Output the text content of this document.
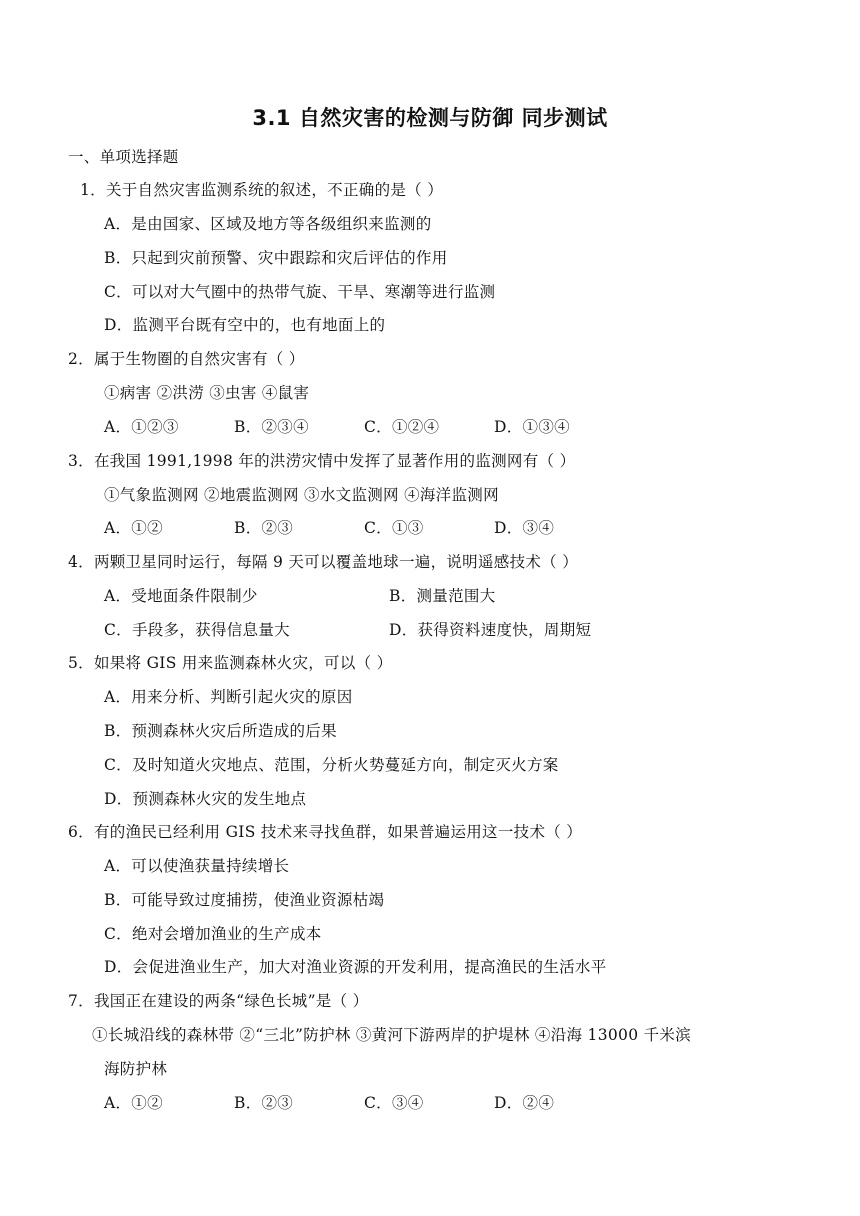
3.1 自然灾害的检测与防御 同步测试
一、单项选择题
1．关于自然灾害监测系统的叙述，不正确的是（ ）
A．是由国家、区域及地方等各级组织来监测的
B．只起到灾前预警、灾中跟踪和灾后评估的作用
C．可以对大气圈中的热带气旋、干旱、寒潮等进行监测
D．监测平台既有空中的，也有地面上的
2．属于生物圈的自然灾害有（ ）
①病害 ②洪涝 ③虫害 ④鼠害
A．①②③	B．②③④	C．①②④	D．①③④
3．在我国 1991,1998 年的洪涝灾情中发挥了显著作用的监测网有（ ）
①气象监测网 ②地震监测网 ③水文监测网 ④海洋监测网
A．①②	B．②③	C．①③	D．③④
4．两颗卫星同时运行，每隔 9 天可以覆盖地球一遍，说明遥感技术（ ）
A．受地面条件限制少	B．测量范围大
C．手段多，获得信息量大	D．获得资料速度快，周期短
5．如果将 GIS 用来监测森林火灾，可以（ ）
A．用来分析、判断引起火灾的原因
B．预测森林火灾后所造成的后果
C．及时知道火灾地点、范围，分析火势蔓延方向，制定灭火方案
D．预测森林火灾的发生地点
6．有的渔民已经利用 GIS 技术来寻找鱼群，如果普遍运用这一技术（ ）
A．可以使渔获量持续增长
B．可能导致过度捕捞，使渔业资源枯竭
C．绝对会增加渔业的生产成本
D．会促进渔业生产，加大对渔业资源的开发利用，提高渔民的生活水平
7．我国正在建设的两条“绿色长城”是（ ）
①长城沿线的森林带 ②“三北”防护林 ③黄河下游两岸的护堤林 ④沿海 13000 千米滨
海防护林
A．①②	B．②③	C．③④	D．②④
